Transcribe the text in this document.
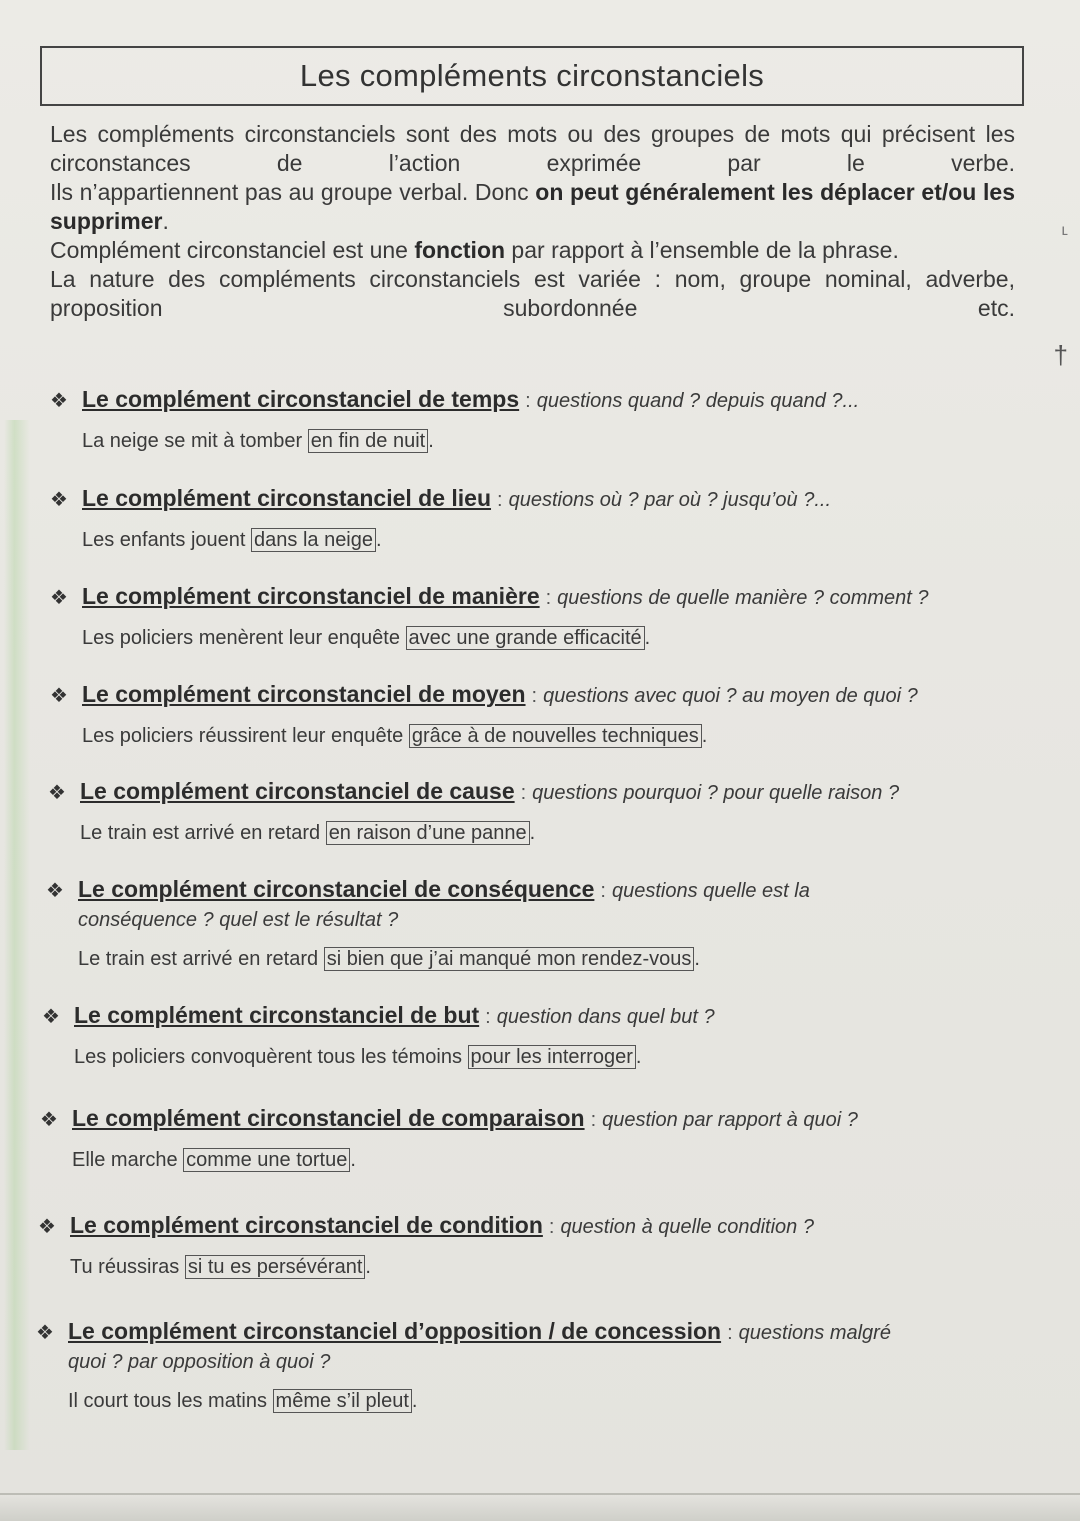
Les compléments circonstanciels

Les compléments circonstanciels sont des mots ou des groupes de mots qui précisent les circonstances de l’action exprimée par le verbe.

Ils n’appartiennent pas au groupe verbal. Donc on peut généralement les déplacer et/ou les supprimer.

Complément circonstanciel est une fonction par rapport à l’ensemble de la phrase.

La nature des compléments circonstanciels est variée : nom, groupe nominal, adverbe, proposition subordonnée etc.

ʟ
†
❖ Le complément circonstanciel de temps : questions quand ? depuis quand ?...
La neige se mit à tomber en fin de nuit .
❖ Le complément circonstanciel de lieu : questions où ? par où ? jusqu’où ?...
Les enfants jouent dans la neige .
❖ Le complément circonstanciel de manière : questions de quelle manière ? comment ?
Les policiers menèrent leur enquête avec une grande efficacité .
❖ Le complément circonstanciel de moyen : questions avec quoi ? au moyen de quoi ?
Les policiers réussirent leur enquête grâce à de nouvelles techniques .
❖ Le complément circonstanciel de cause : questions pourquoi ? pour quelle raison ?
Le train est arrivé en retard en raison d’une panne .
❖ Le complément circonstanciel de conséquence : questions quelle est la
conséquence ? quel est le résultat ?
Le train est arrivé en retard si bien que j’ai manqué mon rendez-vous .
❖ Le complément circonstanciel de but : question dans quel but ?
Les policiers convoquèrent tous les témoins pour les interroger .
❖ Le complément circonstanciel de comparaison : question par rapport à quoi ?
Elle marche comme une tortue .
❖ Le complément circonstanciel de condition : question à quelle condition ?
Tu réussiras si tu es persévérant .
❖ Le complément circonstanciel d’opposition / de concession : questions malgré
quoi ? par opposition à quoi ?
Il court tous les matins même s’il pleut .
